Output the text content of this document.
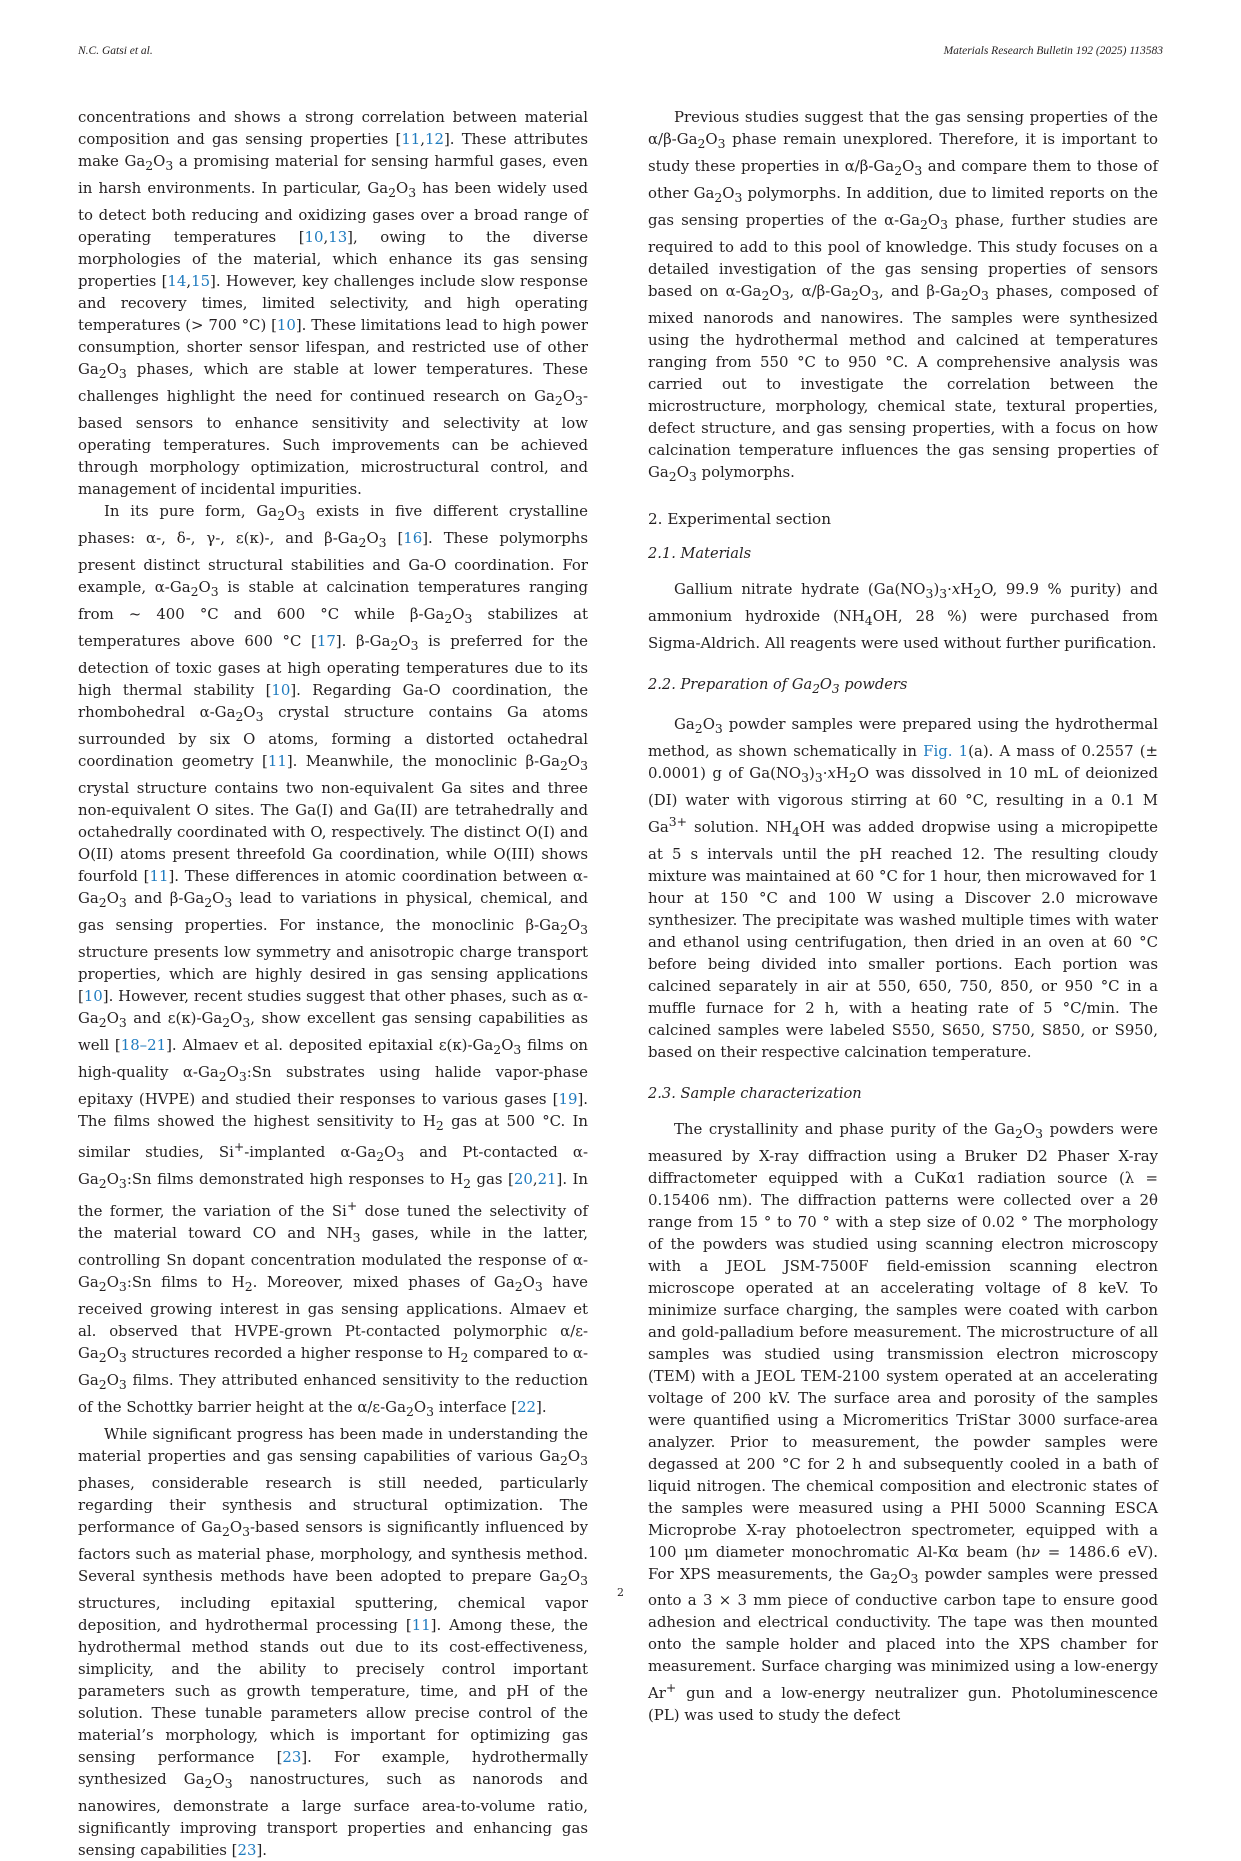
N.C. Gatsi et al.	Materials Research Bulletin 192 (2025) 113583

concentrations and shows a strong correlation between material composition and gas sensing properties [11,12]. These attributes make $Ga_2O_3$ a promising material for sensing harmful gases, even in harsh environments. In particular, $Ga_2O_3$ has been widely used to detect both reducing and oxidizing gases over a broad range of operating temperatures [10,13], owing to the diverse morphologies of the material, which enhance its gas sensing properties [14,15]. However, key challenges include slow response and recovery times, limited selectivity, and high operating temperatures (> 700 °C) [10]. These limitations lead to high power consumption, shorter sensor lifespan, and restricted use of other $Ga_2O_3$ phases, which are stable at lower temperatures. These challenges highlight the need for continued research on $Ga_2O_3$-based sensors to enhance sensitivity and selectivity at low operating temperatures. Such improvements can be achieved through morphology optimization, microstructural control, and management of incidental impurities.

In its pure form, $Ga_2O_3$ exists in five different crystalline phases: α-, δ-, γ-, ε(κ)-, and $\beta-Ga_2O_3$ [16]. These polymorphs present distinct structural stabilities and Ga-O coordination. For example, $\alpha-Ga_2O_3$ is stable at calcination temperatures ranging from ~ 400 °C and 600 °C while $\beta-Ga_2O_3$ stabilizes at temperatures above 600 °C [17]. $\beta-Ga_2O_3$ is preferred for the detection of toxic gases at high operating temperatures due to its high thermal stability [10]. Regarding Ga-O coordination, the rhombohedral $\alpha-Ga_2O_3$ crystal structure contains Ga atoms surrounded by six O atoms, forming a distorted octahedral coordination geometry [11]. Meanwhile, the monoclinic $\beta-Ga_2O_3$ crystal structure contains two non-equivalent Ga sites and three non-equivalent O sites. The Ga(I) and Ga(II) are tetrahedrally and octahedrally coordinated with O, respectively. The distinct O(I) and O(II) atoms present threefold Ga coordination, while O(III) shows fourfold [11]. These differences in atomic coordination between $\alpha-Ga_2O_3$ and $\beta-Ga_2O_3$ lead to variations in physical, chemical, and gas sensing properties. For instance, the monoclinic $\beta-Ga_2O_3$ structure presents low symmetry and anisotropic charge transport properties, which are highly desired in gas sensing applications [10]. However, recent studies suggest that other phases, such as $\alpha-Ga_2O_3$ and $\varepsilon(\kappa)-Ga_2O_3$, show excellent gas sensing capabilities as well [18–21]. Almaev et al. deposited epitaxial $\varepsilon(\kappa)-Ga_2O_3$ films on high-quality $\alpha-Ga_2O_3:Sn$ substrates using halide vapor-phase epitaxy (HVPE) and studied their responses to various gases [19]. The films showed the highest sensitivity to $H_2$ gas at 500 °C. In similar studies, Si+-implanted $\alpha-Ga_2O_3$ and Pt-contacted $\alpha-Ga_2O_3:Sn$ films demonstrated high responses to $H_2$ gas [20,21]. In the former, the variation of the Si+ dose tuned the selectivity of the material toward CO and $NH_3$ gases, while in the latter, controlling Sn dopant concentration modulated the response of $\alpha-Ga_2O_3:Sn$ films to $H_2$. Moreover, mixed phases of $Ga_2O_3$ have received growing interest in gas sensing applications. Almaev et al. observed that HVPE-grown Pt-contacted polymorphic $\alpha/\varepsilon-Ga_2O_3$ structures recorded a higher response to $H_2$ compared to $\alpha-Ga_2O_3$ films. They attributed enhanced sensitivity to the reduction of the Schottky barrier height at the $\alpha/\varepsilon-Ga_2O_3$ interface [22].

While significant progress has been made in understanding the material properties and gas sensing capabilities of various $Ga_2O_3$ phases, considerable research is still needed, particularly regarding their synthesis and structural optimization. The performance of $Ga_2O_3$-based sensors is significantly influenced by factors such as material phase, morphology, and synthesis method. Several synthesis methods have been adopted to prepare $Ga_2O_3$ structures, including epitaxial sputtering, chemical vapor deposition, and hydrothermal processing [11]. Among these, the hydrothermal method stands out due to its cost-effectiveness, simplicity, and the ability to precisely control important parameters such as growth temperature, time, and pH of the solution. These tunable parameters allow precise control of the material’s morphology, which is important for optimizing gas sensing performance [23]. For example, hydrothermally synthesized $Ga_2O_3$ nanostructures, such as nanorods and nanowires, demonstrate a large surface area-to-volume ratio, significantly improving transport properties and enhancing gas sensing capabilities [23].

Previous studies suggest that the gas sensing properties of the $\alpha/\beta-Ga_2O_3$ phase remain unexplored. Therefore, it is important to study these properties in $\alpha/\beta-Ga_2O_3$ and compare them to those of other $Ga_2O_3$ polymorphs. In addition, due to limited reports on the gas sensing properties of the $\alpha-Ga_2O_3$ phase, further studies are required to add to this pool of knowledge. This study focuses on a detailed investigation of the gas sensing properties of sensors based on $\alpha-Ga_2O_3$, $\alpha/\beta-Ga_2O_3$, and $\beta-Ga_2O_3$ phases, composed of mixed nanorods and nanowires. The samples were synthesized using the hydrothermal method and calcined at temperatures ranging from 550 °C to 950 °C. A comprehensive analysis was carried out to investigate the correlation between the microstructure, morphology, chemical state, textural properties, defect structure, and gas sensing properties, with a focus on how calcination temperature influences the gas sensing properties of $Ga_2O_3$ polymorphs.

2. Experimental section
2.1. Materials

Gallium nitrate hydrate ($Ga(NO_3)_3\cdot xH_2O$, 99.9 % purity) and ammonium hydroxide ($NH_4OH$, 28 %) were purchased from Sigma-Aldrich. All reagents were used without further purification.

2.2. Preparation of $Ga_2O_3$ powders

$Ga_2O_3$ powder samples were prepared using the hydrothermal method, as shown schematically in Fig. 1(a). A mass of 0.2557 (± 0.0001) g of $Ga(NO_3)_3\cdot xH_2O$ was dissolved in 10 mL of deionized (DI) water with vigorous stirring at 60 °C, resulting in a 0.1 M $Ga^{3+}$ solution. $NH_4OH$ was added dropwise using a micropipette at 5 s intervals until the pH reached 12. The resulting cloudy mixture was maintained at 60 °C for 1 hour, then microwaved for 1 hour at 150 °C and 100 W using a Discover 2.0 microwave synthesizer. The precipitate was washed multiple times with water and ethanol using centrifugation, then dried in an oven at 60 °C before being divided into smaller portions. Each portion was calcined separately in air at 550, 650, 750, 850, or 950 °C in a muffle furnace for 2 h, with a heating rate of 5 °C/min. The calcined samples were labeled S550, S650, S750, S850, or S950, based on their respective calcination temperature.

2.3. Sample characterization

The crystallinity and phase purity of the $Ga_2O_3$ powders were measured by X-ray diffraction using a Bruker D2 Phaser X-ray diffractometer equipped with a CuKα1 radiation source (λ = 0.15406 nm). The diffraction patterns were collected over a 2θ range from 15 ° to 70 ° with a step size of 0.02 ° The morphology of the powders was studied using scanning electron microscopy with a JEOL JSM-7500F field-emission scanning electron microscope operated at an accelerating voltage of 8 keV. To minimize surface charging, the samples were coated with carbon and gold-palladium before measurement. The microstructure of all samples was studied using transmission electron microscopy (TEM) with a JEOL TEM-2100 system operated at an accelerating voltage of 200 kV. The surface area and porosity of the samples were quantified using a Micromeritics TriStar 3000 surface-area analyzer. Prior to measurement, the powder samples were degassed at 200 °C for 2 h and subsequently cooled in a bath of liquid nitrogen. The chemical composition and electronic states of the samples were measured using a PHI 5000 Scanning ESCA Microprobe X-ray photoelectron spectrometer, equipped with a 100 μm diameter monochromatic Al-Kα beam (hν = 1486.6 eV). For XPS measurements, the $Ga_2O_3$ powder samples were pressed onto a 3 × 3 mm piece of conductive carbon tape to ensure good adhesion and electrical conductivity. The tape was then mounted onto the sample holder and placed into the XPS chamber for measurement. Surface charging was minimized using a low-energy Ar+ gun and a low-energy neutralizer gun. Photoluminescence (PL) was used to study the defect

2
